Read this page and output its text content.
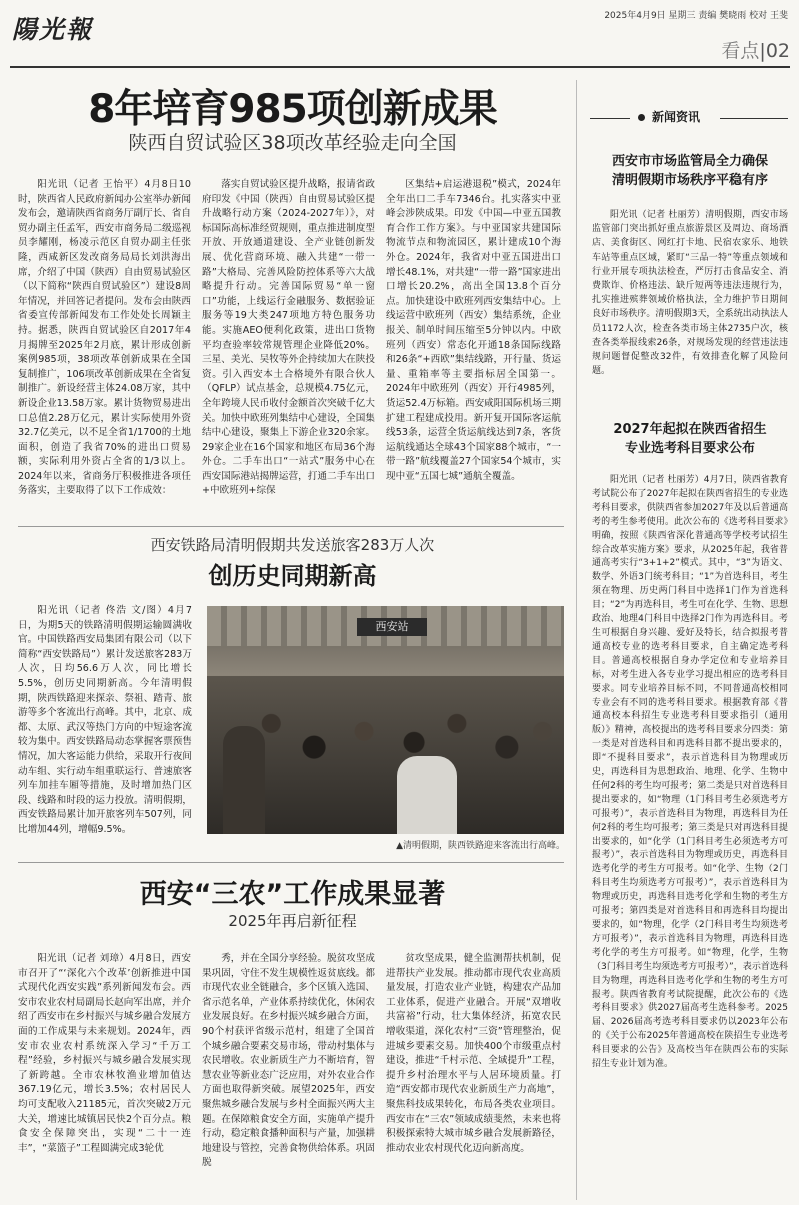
陽光報	2025年4月9日 星期三 责编 樊晓雨 校对 王斐
看点|02
8年培育985项创新成果
陕西自贸试验区38项改革经验走向全国

阳光讯（记者 王怡平）4月8日10时，陕西省人民政府新闻办公室举办新闻发布会，邀请陕西省商务厅副厅长、省自贸办副主任孟军，西安市商务局二级巡视员李耀刚，杨凌示范区自贸办副主任张隆，西咸新区发改商务局局长刘洪海出席，介绍了中国（陕西）自由贸易试验区（以下简称“陕西自贸试验区”）建设8周年情况，并回答记者提问。发布会由陕西省委宣传部新闻发布工作处处长周颖主持。据悉，陕西自贸试验区自2017年4月揭牌至2025年2月底，累计形成创新案例985项，38项改革创新成果在全国复制推广，106项改革创新成果在全省复制推广。新设经营主体24.08万家，其中新设企业13.58万家。累计货物贸易进出口总值2.28万亿元，累计实际使用外资32.7亿美元，以不足全省1/1700的土地面积，创造了我省70%的进出口贸易额，实际利用外资占全省的1/3以上。2024年以来，省商务厅积极推进各项任务落实，主要取得了以下工作成效：

落实自贸试验区提升战略，报请省政府印发《中国（陕西）自由贸易试验区提升战略行动方案（2024-2027年）》，对标国际高标准经贸规则，重点推进制度型开放、开放通道建设、全产业链创新发展、优化营商环境、融入共建“一带一路”大格局、完善风险防控体系等六大战略提升行动。完善国际贸易“单一窗口”功能，上线运行金融服务、数据验证服务等19大类247项地方特色服务功能。实施AEO便利化政策，进出口货物平均查验率较常规管理企业降低20%。三星、美光、吴牧等外企持续加大在陕投资。引入西安本土合格境外有限合伙人（QFLP）试点基金，总规模4.75亿元，全年跨境人民币收付金额首次突破千亿大关。加快中欧班列集结中心建设，全国集结中心建设，聚集上下游企业320余家。29家企业在16个国家和地区布局36个海外仓。二手车出口“一站式”服务中心在西安国际港站揭牌运营，打通二手车出口+中欧班列+综保

区集结+启运港退税”模式，2024年全年出口二手车7346台。扎实落实中亚峰会涉陕成果。印发《中国—中亚五国教育合作工作方案》。与中亚国家共建国际物流节点和物流园区，累计建成10个海外仓。2024年，我省对中亚五国进出口增长48.1%，对共建“一带一路”国家进出口增长20.2%，高出全国13.8个百分点。加快建设中欧班列西安集结中心。上线运营中欧班列（西安）集结系统，企业报关、制单时间压缩至5分钟以内。中欧班列（西安）常态化开通18条国际线路和26条“+西欧”集结线路，开行量、货运量、重箱率等主要指标居全国第一。2024年中欧班列（西安）开行4985列，货运52.4万标箱。西安咸阳国际机场三期扩建工程建成投用。新开复开国际客运航线53条，运营全货运航线达到7条，客货运航线通达全球43个国家88个城市，“一带一路”航线覆盖27个国家54个城市，实现中亚“五国七城”通航全覆盖。

西安铁路局清明假期共发送旅客283万人次
创历史同期新高

阳光讯（记者 佟浩 文/图）4月7日，为期5天的铁路清明假期运输圆满收官。中国铁路西安局集团有限公司（以下简称“西安铁路局”）累计发送旅客283万人次，日均56.6万人次，同比增长5.5%，创历史同期新高。今年清明假期，陕西铁路迎来探亲、祭祖、踏青、旅游等多个客流出行高峰。其中，北京、成都、太原、武汉等热门方向的中短途客流较为集中。西安铁路局动态掌握客票预售情况，加大客运能力供给，采取开行夜间动车组、实行动车组重联运行、普速旅客列车加挂车厢等措施，及时增加热门区段、线路和时段的运力投放。清明假期，西安铁路局累计加开旅客列车507列，同比增加44列，增幅9.5%。

西安站
▲清明假期，陕西铁路迎来客流出行高峰。
西安“三农”工作成果显著
2025年再启新征程

阳光讯（记者 刘璋）4月8日，西安市召开了“‘深化六个改革’创新推进中国式现代化西安实践”系列新闻发布会。西安市农业农村局副局长赵向军出席，并介绍了西安市在乡村振兴与城乡融合发展方面的工作成果与未来规划。2024年，西安市农业农村系统深入学习“千万工程”经验，乡村振兴与城乡融合发展实现了新跨越。全市农林牧渔业增加值达367.19亿元，增长3.5%；农村居民人均可支配收入21185元，首次突破2万元大关，增速比城镇居民快2个百分点。粮食安全保障突出，实现“二十一连丰”，“菜篮子”工程圆满完成3轮优

秀，并在全国分享经验。脱贫攻坚成果巩固，守住不发生规模性返贫底线。都市现代农业全链融合，多个区镇入选国、省示范名单，产业体系持续优化，休闲农业发展良好。在乡村振兴城乡融合方面，90个村获评省级示范村，组建了全国首个城乡融合要素交易市场，带动村集体与农民增收。农业新质生产力不断培育，智慧农业等新业态广泛应用，对外农业合作方面也取得新突破。展望2025年，西安聚焦城乡融合发展与乡村全面振兴两大主题。在保障粮食安全方面，实施单产提升行动，稳定粮食播种面积与产量，加强耕地建设与管控，完善食物供给体系。巩固脱

贫攻坚成果，健全监测帮扶机制，促进帮扶产业发展。推动都市现代农业高质量发展，打造农业产业链，构建农产品加工业体系，促进产业融合。开展“双增收共富裕”行动，壮大集体经济，拓宽农民增收渠道，深化农村“三资”管理整治，促进城乡要素交易。加快400个市级重点村建设，推进“千村示范、全域提升”工程，提升乡村治理水平与人居环境质量。打造“西安都市现代农业新质生产力高地”，聚焦科技成果转化，布局各类农业项目。西安市在“三农”领域成绩斐然，未来也将积极探索特大城市城乡融合发展新路径，推动农业农村现代化迈向新高度。

新闻资讯
西安市市场监管局全力确保
清明假期市场秩序平稳有序

阳光讯（记者 杜丽芳）清明假期，西安市场监管部门突出抓好重点旅游景区及周边、商场酒店、美食街区、网红打卡地、民宿农家乐、地铁车站等重点区域，紧盯“三品一特”等重点领域和行业开展专项执法检查，严厉打击食品安全、消费欺诈、价格违法、缺斤短两等违法违规行为，扎实推进殡葬领域价格执法，全力维护节日期间良好市场秩序。清明假期3天，全系统出动执法人员1172人次，检查各类市场主体2735户次，核查各类举报线索26条，对规场发现的经营违法违规问题督促整改32件，有效排查化解了风险问题。

2027年起拟在陕西省招生
专业选考科目要求公布

阳光讯（记者 杜丽芳）4月7日，陕西省教育考试院公布了2027年起拟在陕西省招生的专业选考科目要求，供陕西省参加2027年及以后普通高考的考生参考使用。此次公布的《选考科目要求》明确，按照《陕西省深化普通高等学校考试招生综合改革实施方案》要求，从2025年起，我省普通高考实行“3+1+2”模式。其中，“3”为语文、数学、外语3门统考科目；“1”为首选科目，考生须在物理、历史两门科目中选择1门作为首选科目；“2”为再选科目，考生可在化学、生物、思想政治、地理4门科目中选择2门作为再选科目。考生可根据自身兴趣、爱好及特长，结合拟报考普通高校专业的选考科目要求，自主确定选考科目。普通高校根据自身办学定位和专业培养目标，对考生进入各专业学习提出相应的选考科目要求。同专业培养目标不同，不同普通高校相同专业会有不同的选考科目要求。根据教育部《普通高校本科招生专业选考科目要求指引（通用版）》精神，高校提出的选考科目要求分四类：第一类是对首选科目和再选科目都不提出要求的，即“不提科目要求”，表示首选科目为物理或历史，再选科目为思想政治、地理、化学、生物中任何2科的考生均可报考；第二类是只对首选科目提出要求的，如“物理（1门科目考生必须选考方可报考）”，表示首选科目为物理，再选科目为任何2科的考生均可报考；第三类是只对再选科目提出要求的，如“化学（1门科目考生必须选考方可报考）”，表示首选科目为物理或历史，再选科目选考化学的考生方可报考。如“化学、生物（2门科目考生均须选考方可报考）”，表示首选科目为物理或历史，再选科目选考化学和生物的考生方可报考；第四类是对首选科目和再选科目均提出要求的，如“物理，化学（2门科目考生均须选考方可报考）”，表示首选科目为物理，再选科目选考化学的考生方可报考。如“物理，化学，生物（3门科目考生均须选考方可报考）”，表示首选科目为物理，再选科目选考化学和生物的考生方可报考。陕西省教育考试院提醒，此次公布的《选考科目要求》供2027届高考生选科参考。2025届、2026届高考选考科目要求仍以2023年公布的《关于公布2025年普通高校在陕招生专业选考科目要求的公告》及高校当年在陕西公布的实际招生专业计划为准。
